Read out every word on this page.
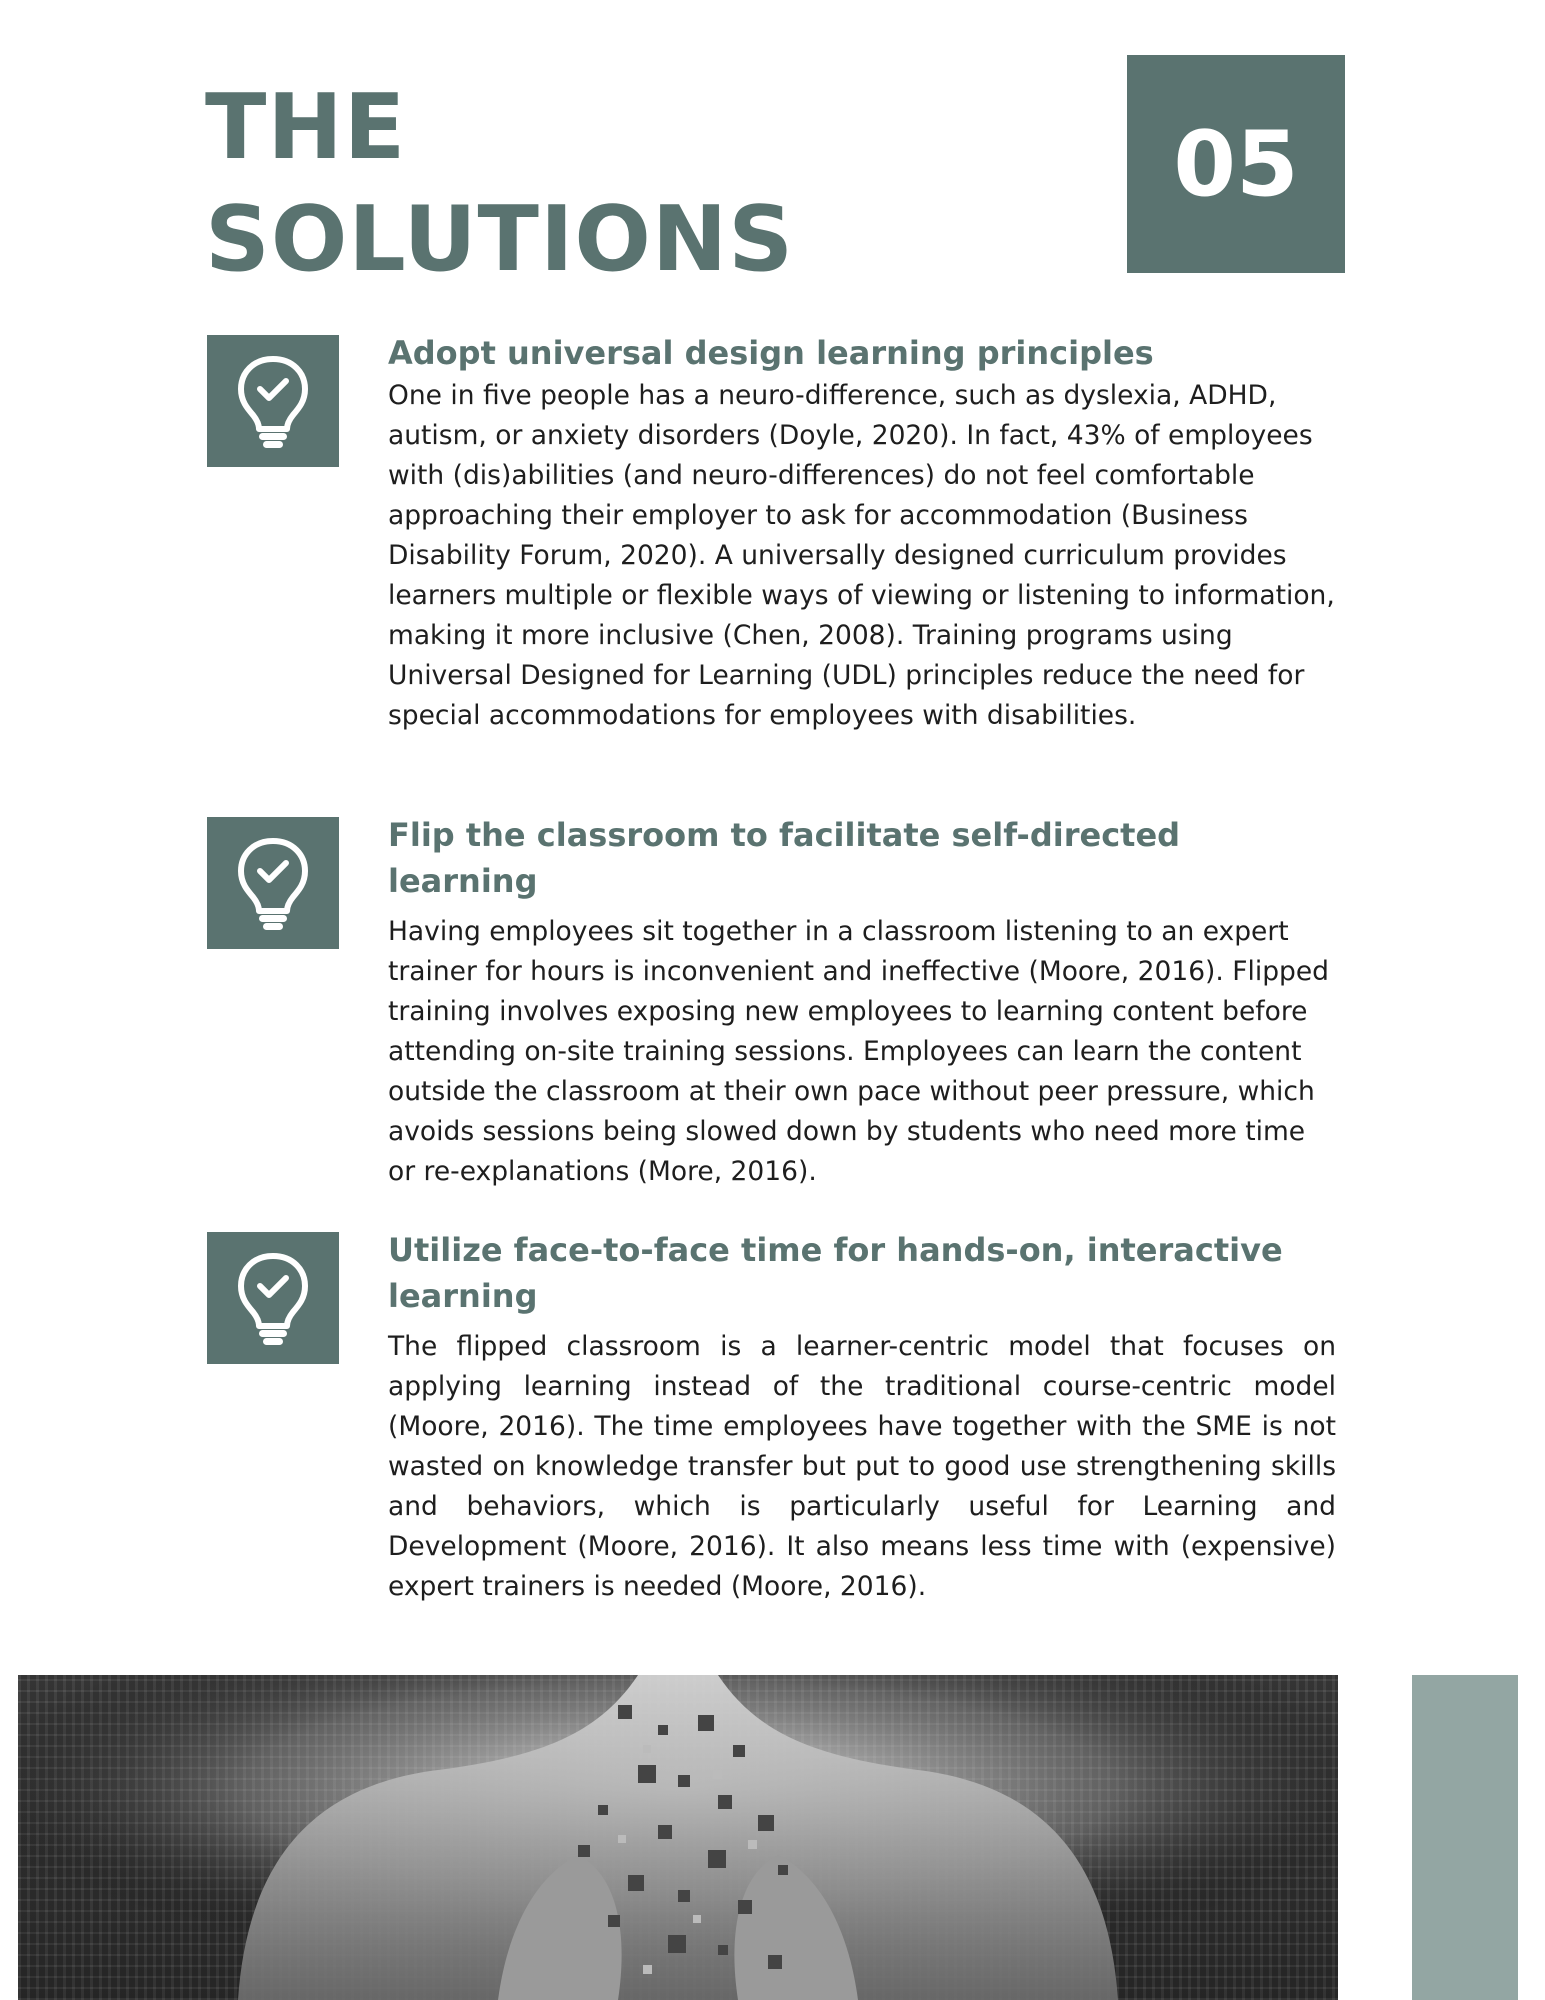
THE
SOLUTIONS
05
Adopt universal design learning principles

One in five people has a neuro-difference, such as dyslexia, ADHD, autism, or anxiety disorders (Doyle, 2020). In fact, 43% of employees with (dis)abilities (and neuro-differences) do not feel comfortable approaching their employer to ask for accommodation (Business Disability Forum, 2020). A universally designed curriculum provides learners multiple or flexible ways of viewing or listening to information, making it more inclusive (Chen, 2008). Training programs using Universal Designed for Learning (UDL) principles reduce the need for special accommodations for employees with disabilities.

Flip the classroom to facilitate self-directed learning

Having employees sit together in a classroom listening to an expert trainer for hours is inconvenient and ineffective (Moore, 2016). Flipped training involves exposing new employees to learning content before attending on-site training sessions. Employees can learn the content outside the classroom at their own pace without peer pressure, which avoids sessions being slowed down by students who need more time or re-explanations (More, 2016).

Utilize face-to-face time for hands-on, interactive learning

The flipped classroom is a learner-centric model that focuses on applying learning instead of the traditional course-centric model (Moore, 2016). The time employees have together with the SME is not wasted on knowledge transfer but put to good use strengthening skills and behaviors, which is particularly useful for Learning and Development (Moore, 2016). It also means less time with (expensive) expert trainers is needed (Moore, 2016).
